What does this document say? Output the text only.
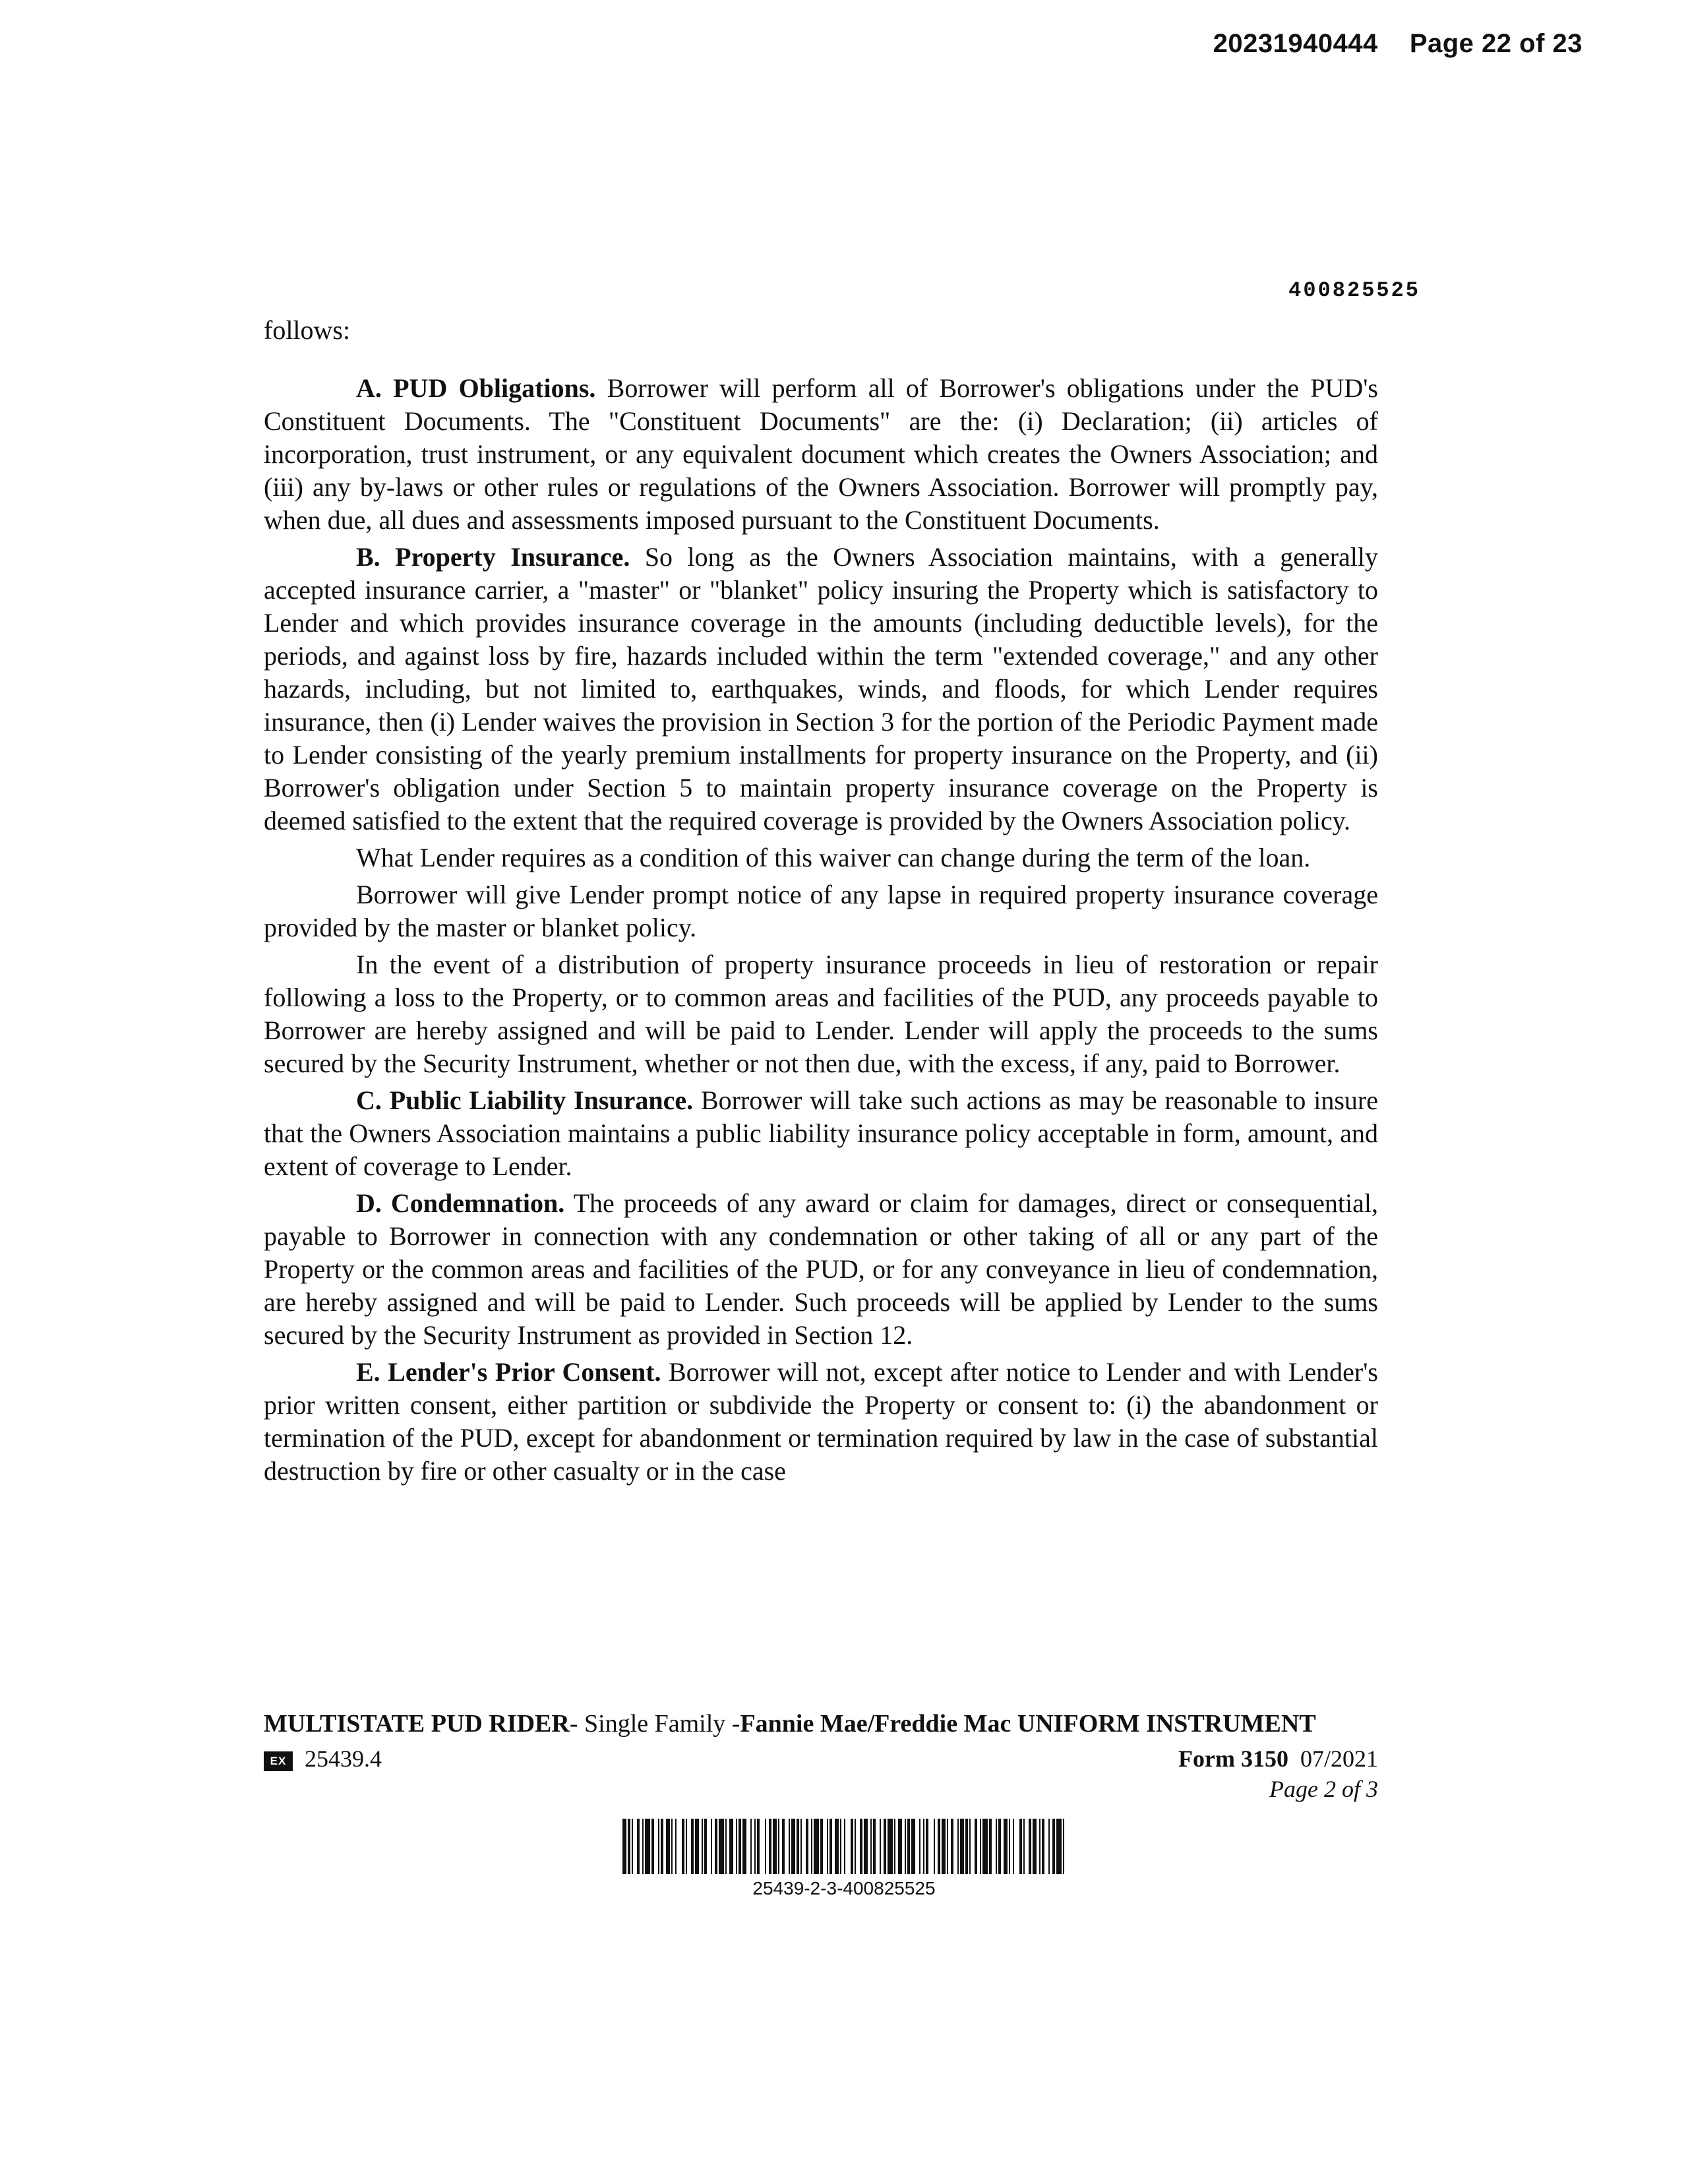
20231940444 Page 22 of 23
400825525

follows:

A. PUD Obligations. Borrower will perform all of Borrower's obligations under the PUD's Constituent Documents. The "Constituent Documents" are the: (i) Declaration; (ii) articles of incorporation, trust instrument, or any equivalent document which creates the Owners Association; and (iii) any by-laws or other rules or regulations of the Owners Association. Borrower will promptly pay, when due, all dues and assessments imposed pursuant to the Constituent Documents.

B. Property Insurance. So long as the Owners Association maintains, with a generally accepted insurance carrier, a "master" or "blanket" policy insuring the Property which is satisfactory to Lender and which provides insurance coverage in the amounts (including deductible levels), for the periods, and against loss by fire, hazards included within the term "extended coverage," and any other hazards, including, but not limited to, earthquakes, winds, and floods, for which Lender requires insurance, then (i) Lender waives the provision in Section 3 for the portion of the Periodic Payment made to Lender consisting of the yearly premium installments for property insurance on the Property, and (ii) Borrower's obligation under Section 5 to maintain property insurance coverage on the Property is deemed satisfied to the extent that the required coverage is provided by the Owners Association policy.

What Lender requires as a condition of this waiver can change during the term of the loan.

Borrower will give Lender prompt notice of any lapse in required property insurance coverage provided by the master or blanket policy.

In the event of a distribution of property insurance proceeds in lieu of restoration or repair following a loss to the Property, or to common areas and facilities of the PUD, any proceeds payable to Borrower are hereby assigned and will be paid to Lender. Lender will apply the proceeds to the sums secured by the Security Instrument, whether or not then due, with the excess, if any, paid to Borrower.

C. Public Liability Insurance. Borrower will take such actions as may be reasonable to insure that the Owners Association maintains a public liability insurance policy acceptable in form, amount, and extent of coverage to Lender.

D. Condemnation. The proceeds of any award or claim for damages, direct or consequential, payable to Borrower in connection with any condemnation or other taking of all or any part of the Property or the common areas and facilities of the PUD, or for any conveyance in lieu of condemnation, are hereby assigned and will be paid to Lender. Such proceeds will be applied by Lender to the sums secured by the Security Instrument as provided in Section 12.

E. Lender's Prior Consent. Borrower will not, except after notice to Lender and with Lender's prior written consent, either partition or subdivide the Property or consent to: (i) the abandonment or termination of the PUD, except for abandonment or termination required by law in the case of substantial destruction by fire or other casualty or in the case

MULTISTATE PUD RIDER- Single Family -Fannie Mae/Freddie Mac UNIFORM INSTRUMENT
EX 25439.4	Form 3150 07/2021
Page 2 of 3
25439-2-3-400825525
